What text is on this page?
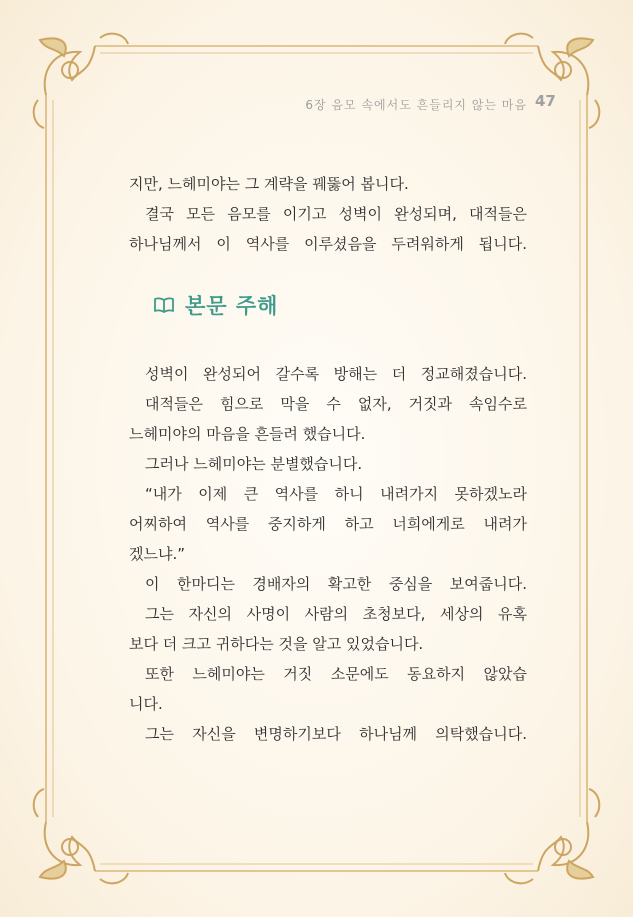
6장 음모 속에서도 흔들리지 않는 마음 47

지만, 느헤미야는 그 계략을 꿰뚫어 봅니다.

결국 모든 음모를 이기고 성벽이 완성되며, 대적들은

하나님께서 이 역사를 이루셨음을 두려워하게 됩니다.

본문 주해

성벽이 완성되어 갈수록 방해는 더 정교해졌습니다.

대적들은 힘으로 막을 수 없자, 거짓과 속임수로

느헤미야의 마음을 흔들려 했습니다.

그러나 느헤미야는 분별했습니다.

“내가 이제 큰 역사를 하니 내려가지 못하겠노라

어찌하여 역사를 중지하게 하고 너희에게로 내려가

겠느냐.”

이 한마디는 경배자의 확고한 중심을 보여줍니다.

그는 자신의 사명이 사람의 초청보다, 세상의 유혹

보다 더 크고 귀하다는 것을 알고 있었습니다.

또한 느헤미야는 거짓 소문에도 동요하지 않았습

니다.

그는 자신을 변명하기보다 하나님께 의탁했습니다.
